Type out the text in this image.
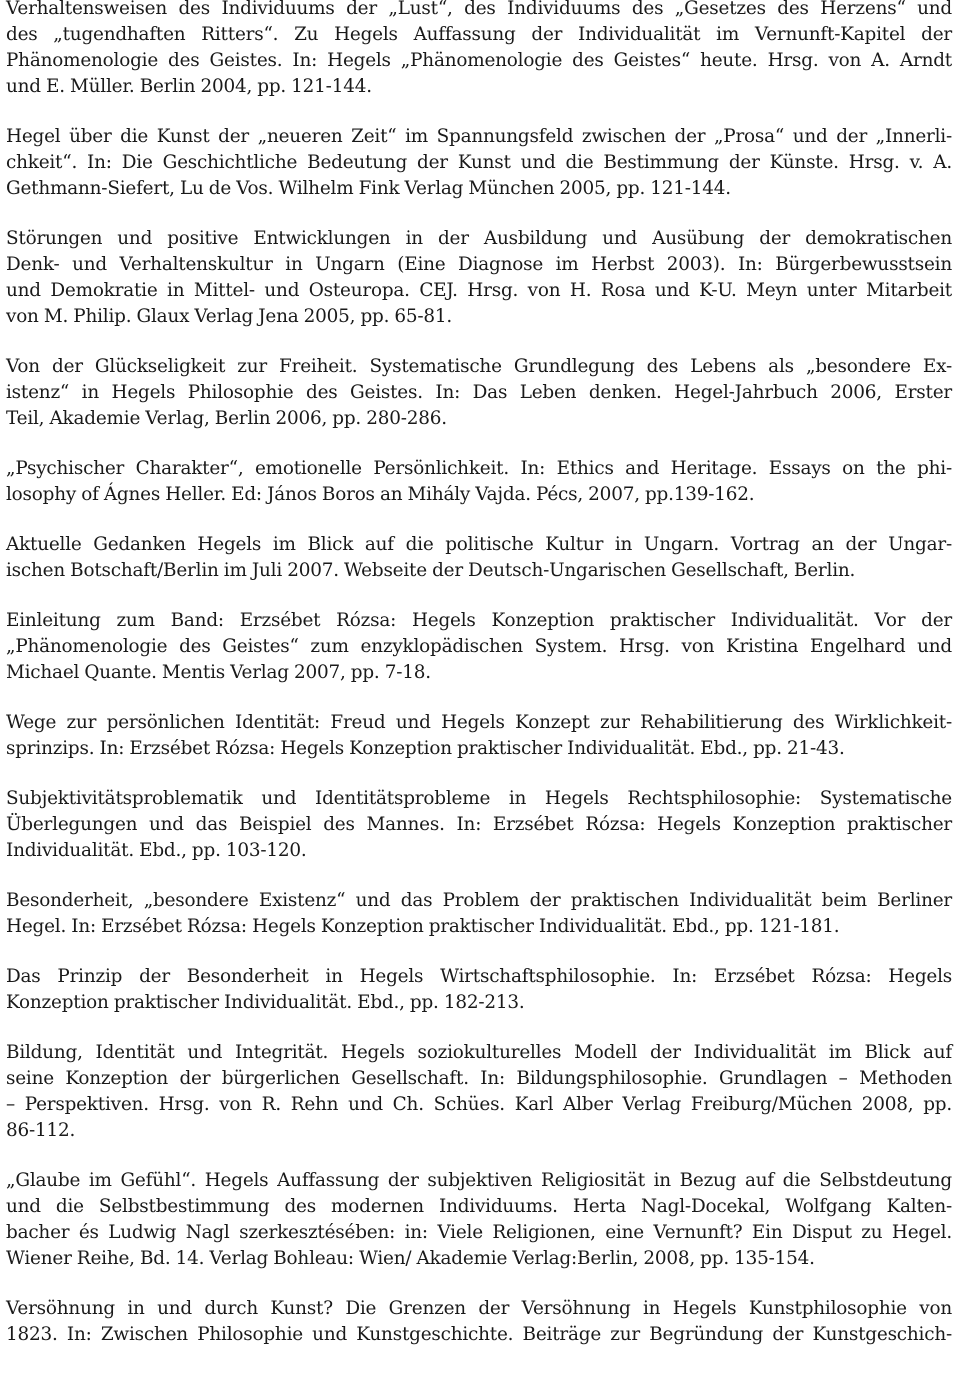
Verhaltensweisen des Individuums der „Lust“, des Individuums des „Gesetzes des Herzens“ und
des „tugendhaften Ritters“. Zu Hegels Auffassung der Individualität im Vernunft-Kapitel der
Phänomenologie des Geistes. In: Hegels „Phänomenologie des Geistes“ heute. Hrsg. von A. Arndt
und E. Müller. Berlin 2004, pp. 121-144.
Hegel über die Kunst der „neueren Zeit“ im Spannungsfeld zwischen der „Prosa“ und der „Innerli-
chkeit“. In: Die Geschichtliche Bedeutung der Kunst und die Bestimmung der Künste. Hrsg. v. A.
Gethmann-Siefert, Lu de Vos. Wilhelm Fink Verlag München 2005, pp. 121-144.
Störungen und positive Entwicklungen in der Ausbildung und Ausübung der demokratischen
Denk- und Verhaltenskultur in Ungarn (Eine Diagnose im Herbst 2003). In: Bürgerbewusstsein
und Demokratie in Mittel- und Osteuropa. CEJ. Hrsg. von H. Rosa und K-U. Meyn unter Mitarbeit
von M. Philip. Glaux Verlag Jena 2005, pp. 65-81.
Von der Glückseligkeit zur Freiheit. Systematische Grundlegung des Lebens als „besondere Ex-
istenz“ in Hegels Philosophie des Geistes. In: Das Leben denken. Hegel-Jahrbuch 2006, Erster
Teil, Akademie Verlag, Berlin 2006, pp. 280-286.
„Psychischer Charakter“, emotionelle Persönlichkeit. In: Ethics and Heritage. Essays on the phi-
losophy of Ágnes Heller. Ed: János Boros an Mihály Vajda. Pécs, 2007, pp.139-162.
Aktuelle Gedanken Hegels im Blick auf die politische Kultur in Ungarn. Vortrag an der Ungar-
ischen Botschaft/Berlin im Juli 2007. Webseite der Deutsch-Ungarischen Gesellschaft, Berlin.
Einleitung zum Band: Erzsébet Rózsa: Hegels Konzeption praktischer Individualität. Vor der
„Phänomenologie des Geistes“ zum enzyklopädischen System. Hrsg. von Kristina Engelhard und
Michael Quante. Mentis Verlag 2007, pp. 7-18.
Wege zur persönlichen Identität: Freud und Hegels Konzept zur Rehabilitierung des Wirklichkeit-
sprinzips. In: Erzsébet Rózsa: Hegels Konzeption praktischer Individualität. Ebd., pp. 21-43.
Subjektivitätsproblematik und Identitätsprobleme in Hegels Rechtsphilosophie: Systematische
Überlegungen und das Beispiel des Mannes. In: Erzsébet Rózsa: Hegels Konzeption praktischer
Individualität. Ebd., pp. 103-120.
Besonderheit, „besondere Existenz“ und das Problem der praktischen Individualität beim Berliner
Hegel. In: Erzsébet Rózsa: Hegels Konzeption praktischer Individualität. Ebd., pp. 121-181.
Das Prinzip der Besonderheit in Hegels Wirtschaftsphilosophie. In: Erzsébet Rózsa: Hegels
Konzeption praktischer Individualität. Ebd., pp. 182-213.
Bildung, Identität und Integrität. Hegels soziokulturelles Modell der Individualität im Blick auf
seine Konzeption der bürgerlichen Gesellschaft. In: Bildungsphilosophie. Grundlagen – Methoden
– Perspektiven. Hrsg. von R. Rehn und Ch. Schües. Karl Alber Verlag Freiburg/Müchen 2008, pp.
86-112.
„Glaube im Gefühl“. Hegels Auffassung der subjektiven Religiosität in Bezug auf die Selbstdeutung
und die Selbstbestimmung des modernen Individuums. Herta Nagl-Docekal, Wolfgang Kalten-
bacher és Ludwig Nagl szerkesztésében: in: Viele Religionen, eine Vernunft? Ein Disput zu Hegel.
Wiener Reihe, Bd. 14. Verlag Bohleau: Wien/ Akademie Verlag:Berlin, 2008, pp. 135-154.
Versöhnung in und durch Kunst? Die Grenzen der Versöhnung in Hegels Kunstphilosophie von
1823. In: Zwischen Philosophie und Kunstgeschichte. Beiträge zur Begründung der Kunstgeschich-
